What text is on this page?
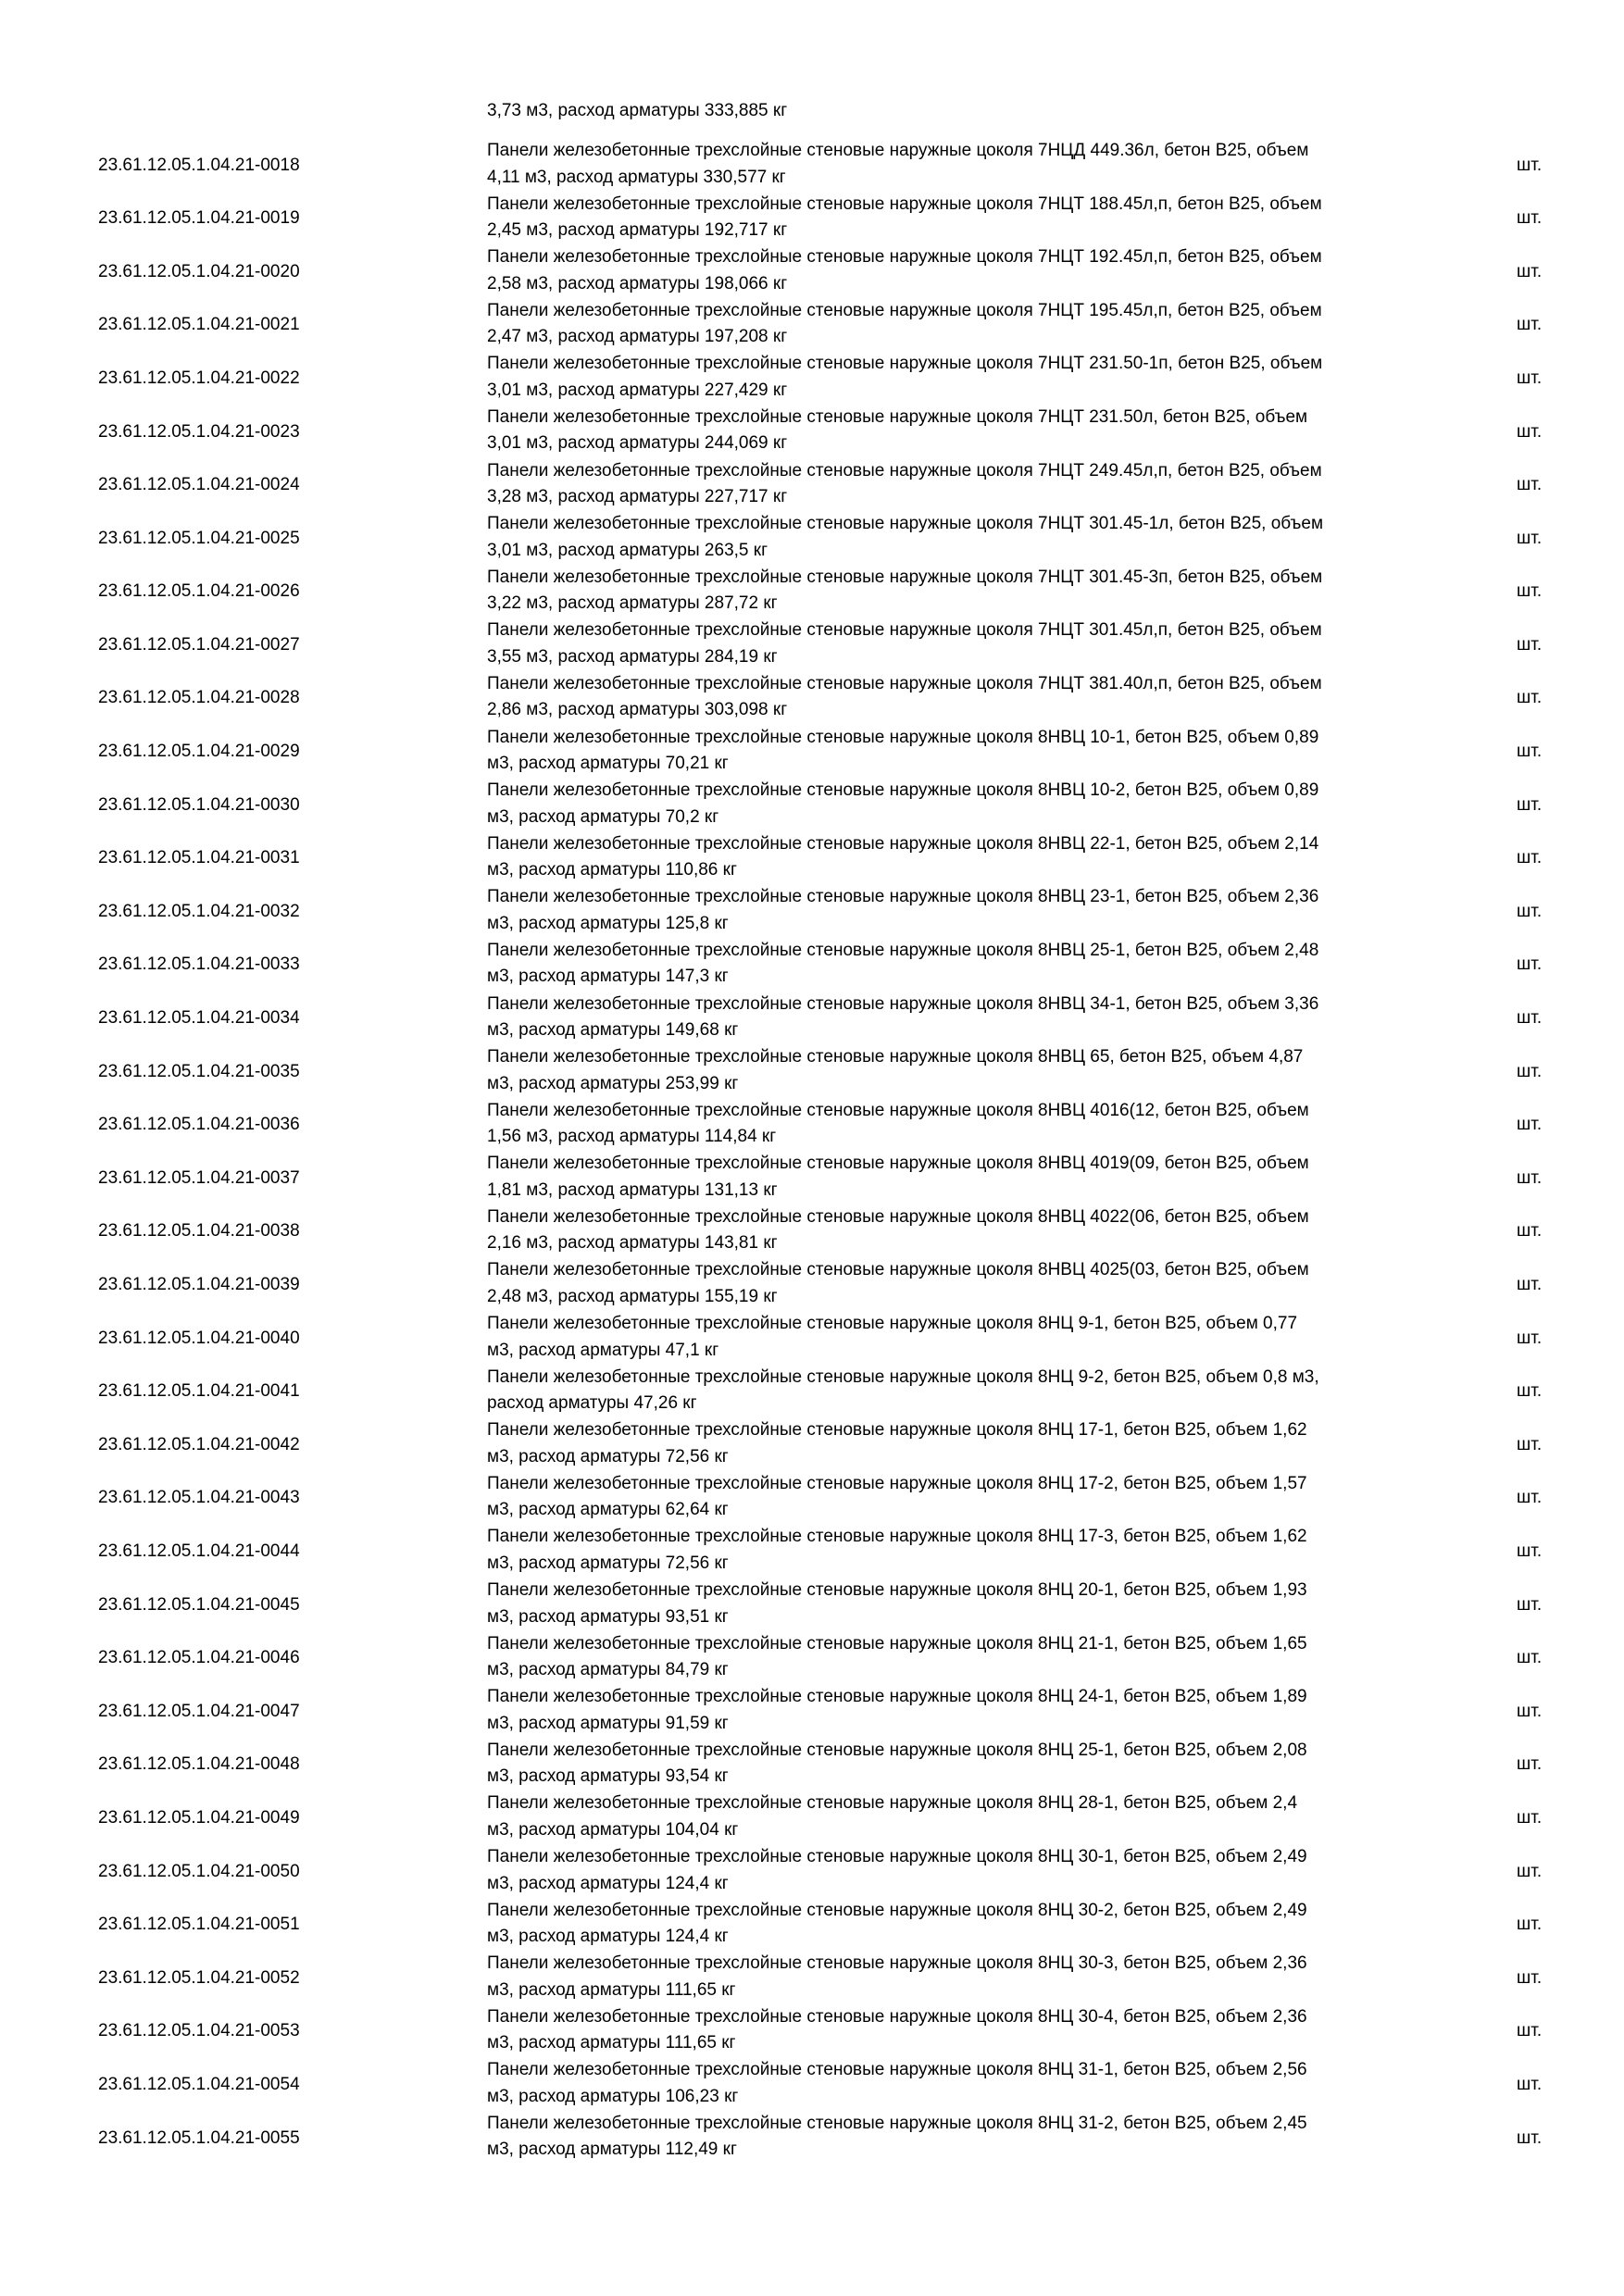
3,73 м3, расход арматуры 333,885 кг
23.61.12.05.1.04.21-0018
Панели железобетонные трехслойные стеновые наружные цоколя 7НЦД 449.36л, бетон B25, объем
4,11 м3, расход арматуры 330,577 кг
шт.
23.61.12.05.1.04.21-0019
Панели железобетонные трехслойные стеновые наружные цоколя 7НЦТ 188.45л,п, бетон B25, объем
2,45 м3, расход арматуры 192,717 кг
шт.
23.61.12.05.1.04.21-0020
Панели железобетонные трехслойные стеновые наружные цоколя 7НЦТ 192.45л,п, бетон B25, объем
2,58 м3, расход арматуры 198,066 кг
шт.
23.61.12.05.1.04.21-0021
Панели железобетонные трехслойные стеновые наружные цоколя 7НЦТ 195.45л,п, бетон B25, объем
2,47 м3, расход арматуры 197,208 кг
шт.
23.61.12.05.1.04.21-0022
Панели железобетонные трехслойные стеновые наружные цоколя 7НЦТ 231.50-1п, бетон B25, объем
3,01 м3, расход арматуры 227,429 кг
шт.
23.61.12.05.1.04.21-0023
Панели железобетонные трехслойные стеновые наружные цоколя 7НЦТ 231.50л, бетон B25, объем
3,01 м3, расход арматуры 244,069 кг
шт.
23.61.12.05.1.04.21-0024
Панели железобетонные трехслойные стеновые наружные цоколя 7НЦТ 249.45л,п, бетон B25, объем
3,28 м3, расход арматуры 227,717 кг
шт.
23.61.12.05.1.04.21-0025
Панели железобетонные трехслойные стеновые наружные цоколя 7НЦТ 301.45-1л, бетон B25, объем
3,01 м3, расход арматуры 263,5 кг
шт.
23.61.12.05.1.04.21-0026
Панели железобетонные трехслойные стеновые наружные цоколя 7НЦТ 301.45-3п, бетон B25, объем
3,22 м3, расход арматуры 287,72 кг
шт.
23.61.12.05.1.04.21-0027
Панели железобетонные трехслойные стеновые наружные цоколя 7НЦТ 301.45л,п, бетон B25, объем
3,55 м3, расход арматуры 284,19 кг
шт.
23.61.12.05.1.04.21-0028
Панели железобетонные трехслойные стеновые наружные цоколя 7НЦТ 381.40л,п, бетон B25, объем
2,86 м3, расход арматуры 303,098 кг
шт.
23.61.12.05.1.04.21-0029
Панели железобетонные трехслойные стеновые наружные цоколя 8НВЦ 10-1, бетон B25, объем 0,89
м3, расход арматуры 70,21 кг
шт.
23.61.12.05.1.04.21-0030
Панели железобетонные трехслойные стеновые наружные цоколя 8НВЦ 10-2, бетон B25, объем 0,89
м3, расход арматуры 70,2 кг
шт.
23.61.12.05.1.04.21-0031
Панели железобетонные трехслойные стеновые наружные цоколя 8НВЦ 22-1, бетон B25, объем 2,14
м3, расход арматуры 110,86 кг
шт.
23.61.12.05.1.04.21-0032
Панели железобетонные трехслойные стеновые наружные цоколя 8НВЦ 23-1, бетон B25, объем 2,36
м3, расход арматуры 125,8 кг
шт.
23.61.12.05.1.04.21-0033
Панели железобетонные трехслойные стеновые наружные цоколя 8НВЦ 25-1, бетон B25, объем 2,48
м3, расход арматуры 147,3 кг
шт.
23.61.12.05.1.04.21-0034
Панели железобетонные трехслойные стеновые наружные цоколя 8НВЦ 34-1, бетон B25, объем 3,36
м3, расход арматуры 149,68 кг
шт.
23.61.12.05.1.04.21-0035
Панели железобетонные трехслойные стеновые наружные цоколя 8НВЦ 65, бетон B25, объем 4,87
м3, расход арматуры 253,99 кг
шт.
23.61.12.05.1.04.21-0036
Панели железобетонные трехслойные стеновые наружные цоколя 8НВЦ 4016(12, бетон B25, объем
1,56 м3, расход арматуры 114,84 кг
шт.
23.61.12.05.1.04.21-0037
Панели железобетонные трехслойные стеновые наружные цоколя 8НВЦ 4019(09, бетон B25, объем
1,81 м3, расход арматуры 131,13 кг
шт.
23.61.12.05.1.04.21-0038
Панели железобетонные трехслойные стеновые наружные цоколя 8НВЦ 4022(06, бетон B25, объем
2,16 м3, расход арматуры 143,81 кг
шт.
23.61.12.05.1.04.21-0039
Панели железобетонные трехслойные стеновые наружные цоколя 8НВЦ 4025(03, бетон B25, объем
2,48 м3, расход арматуры 155,19 кг
шт.
23.61.12.05.1.04.21-0040
Панели железобетонные трехслойные стеновые наружные цоколя 8НЦ 9-1, бетон B25, объем 0,77
м3, расход арматуры 47,1 кг
шт.
23.61.12.05.1.04.21-0041
Панели железобетонные трехслойные стеновые наружные цоколя 8НЦ 9-2, бетон B25, объем 0,8 м3,
расход арматуры 47,26 кг
шт.
23.61.12.05.1.04.21-0042
Панели железобетонные трехслойные стеновые наружные цоколя 8НЦ 17-1, бетон B25, объем 1,62
м3, расход арматуры 72,56 кг
шт.
23.61.12.05.1.04.21-0043
Панели железобетонные трехслойные стеновые наружные цоколя 8НЦ 17-2, бетон B25, объем 1,57
м3, расход арматуры 62,64 кг
шт.
23.61.12.05.1.04.21-0044
Панели железобетонные трехслойные стеновые наружные цоколя 8НЦ 17-3, бетон B25, объем 1,62
м3, расход арматуры 72,56 кг
шт.
23.61.12.05.1.04.21-0045
Панели железобетонные трехслойные стеновые наружные цоколя 8НЦ 20-1, бетон B25, объем 1,93
м3, расход арматуры 93,51 кг
шт.
23.61.12.05.1.04.21-0046
Панели железобетонные трехслойные стеновые наружные цоколя 8НЦ 21-1, бетон B25, объем 1,65
м3, расход арматуры 84,79 кг
шт.
23.61.12.05.1.04.21-0047
Панели железобетонные трехслойные стеновые наружные цоколя 8НЦ 24-1, бетон B25, объем 1,89
м3, расход арматуры 91,59 кг
шт.
23.61.12.05.1.04.21-0048
Панели железобетонные трехслойные стеновые наружные цоколя 8НЦ 25-1, бетон B25, объем 2,08
м3, расход арматуры 93,54 кг
шт.
23.61.12.05.1.04.21-0049
Панели железобетонные трехслойные стеновые наружные цоколя 8НЦ 28-1, бетон B25, объем 2,4
м3, расход арматуры 104,04 кг
шт.
23.61.12.05.1.04.21-0050
Панели железобетонные трехслойные стеновые наружные цоколя 8НЦ 30-1, бетон B25, объем 2,49
м3, расход арматуры 124,4 кг
шт.
23.61.12.05.1.04.21-0051
Панели железобетонные трехслойные стеновые наружные цоколя 8НЦ 30-2, бетон B25, объем 2,49
м3, расход арматуры 124,4 кг
шт.
23.61.12.05.1.04.21-0052
Панели железобетонные трехслойные стеновые наружные цоколя 8НЦ 30-3, бетон B25, объем 2,36
м3, расход арматуры 111,65 кг
шт.
23.61.12.05.1.04.21-0053
Панели железобетонные трехслойные стеновые наружные цоколя 8НЦ 30-4, бетон B25, объем 2,36
м3, расход арматуры 111,65 кг
шт.
23.61.12.05.1.04.21-0054
Панели железобетонные трехслойные стеновые наружные цоколя 8НЦ 31-1, бетон B25, объем 2,56
м3, расход арматуры 106,23 кг
шт.
23.61.12.05.1.04.21-0055
Панели железобетонные трехслойные стеновые наружные цоколя 8НЦ 31-2, бетон B25, объем 2,45
м3, расход арматуры 112,49 кг
шт.
